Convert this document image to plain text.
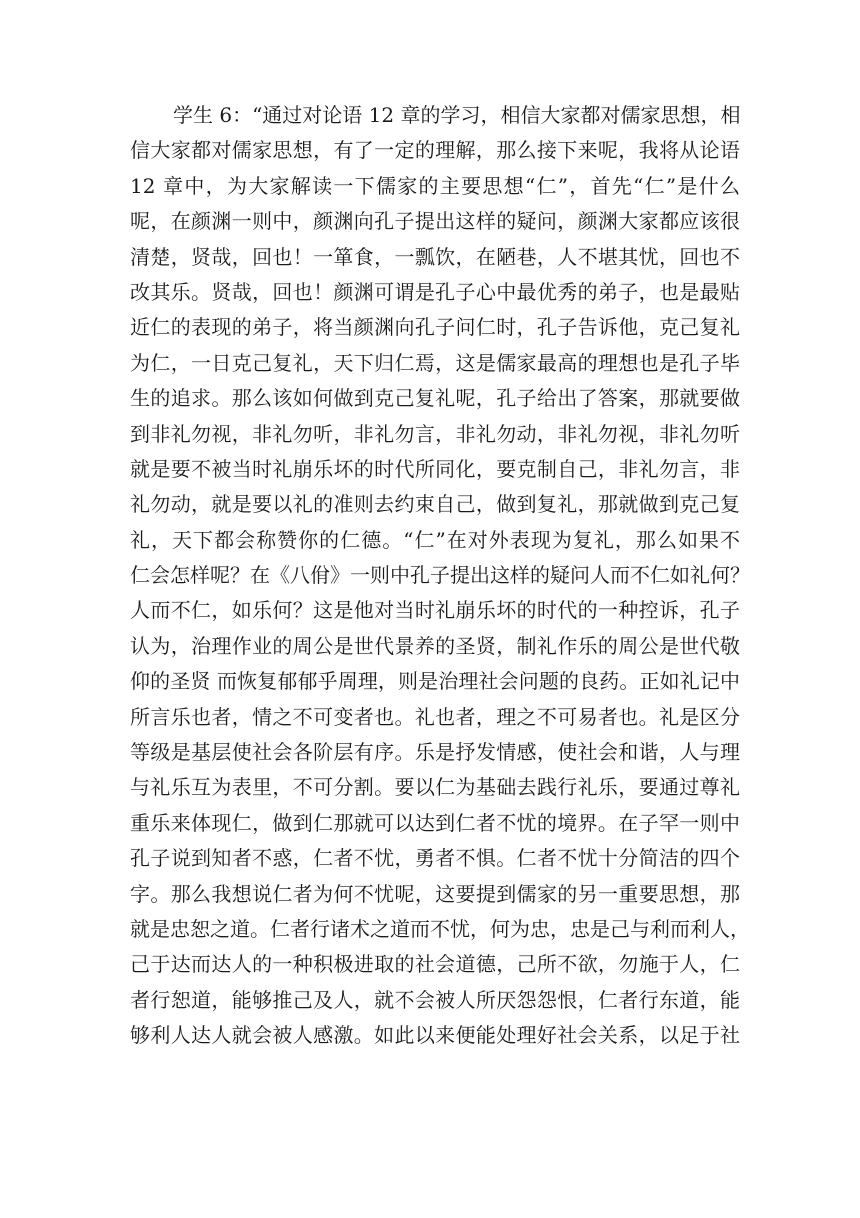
学生 6：“通过对论语 12 章的学习，相信大家都对儒家思想，相
信大家都对儒家思想，有了一定的理解，那么接下来呢，我将从论语
12 章中，为大家解读一下儒家的主要思想“仁”，首先“仁”是什么
呢，在颜渊一则中，颜渊向孔子提出这样的疑问，颜渊大家都应该很
清楚，贤哉，回也！一箪食，一瓢饮，在陋巷，人不堪其忧，回也不
改其乐。贤哉，回也！颜渊可谓是孔子心中最优秀的弟子，也是最贴
近仁的表现的弟子，将当颜渊向孔子问仁时，孔子告诉他，克己复礼
为仁，一日克己复礼，天下归仁焉，这是儒家最高的理想也是孔子毕
生的追求。那么该如何做到克己复礼呢，孔子给出了答案，那就要做
到非礼勿视，非礼勿听，非礼勿言，非礼勿动，非礼勿视，非礼勿听
就是要不被当时礼崩乐坏的时代所同化，要克制自己，非礼勿言，非
礼勿动，就是要以礼的准则去约束自己，做到复礼，那就做到克己复
礼，天下都会称赞你的仁德。“仁”在对外表现为复礼，那么如果不
仁会怎样呢？在《八佾》一则中孔子提出这样的疑问人而不仁如礼何？
人而不仁，如乐何？这是他对当时礼崩乐坏的时代的一种控诉，孔子
认为，治理作业的周公是世代景养的圣贤，制礼作乐的周公是世代敬
仰的圣贤 而恢复郁郁乎周理，则是治理社会问题的良药。正如礼记中
所言乐也者，情之不可变者也。礼也者，理之不可易者也。礼是区分
等级是基层使社会各阶层有序。乐是抒发情感，使社会和谐，人与理
与礼乐互为表里，不可分割。要以仁为基础去践行礼乐，要通过尊礼
重乐来体现仁，做到仁那就可以达到仁者不忧的境界。在子罕一则中
孔子说到知者不惑，仁者不忧，勇者不惧。仁者不忧十分简洁的四个
字。那么我想说仁者为何不忧呢，这要提到儒家的另一重要思想，那
就是忠恕之道。仁者行诸术之道而不忧，何为忠，忠是己与利而利人，
己于达而达人的一种积极进取的社会道德，己所不欲，勿施于人，仁
者行恕道，能够推己及人，就不会被人所厌怨怨恨，仁者行东道，能
够利人达人就会被人感激。如此以来便能处理好社会关系，以足于社
